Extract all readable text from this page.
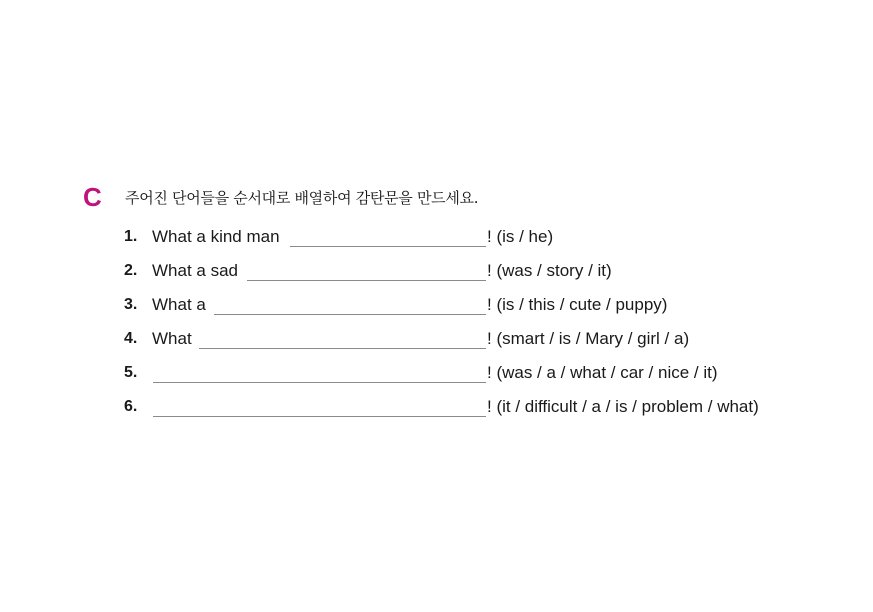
C	주어진 단어들을 순서대로 배열하여 감탄문을 만드세요.
1. What a kind man	! (is / he)
2. What a sad	! (was / story / it)
3. What a	! (is / this / cute / puppy)
4. What	! (smart / is / Mary / girl / a)
5.	! (was / a / what / car / nice / it)
6.	! (it / difficult / a / is / problem / what)
